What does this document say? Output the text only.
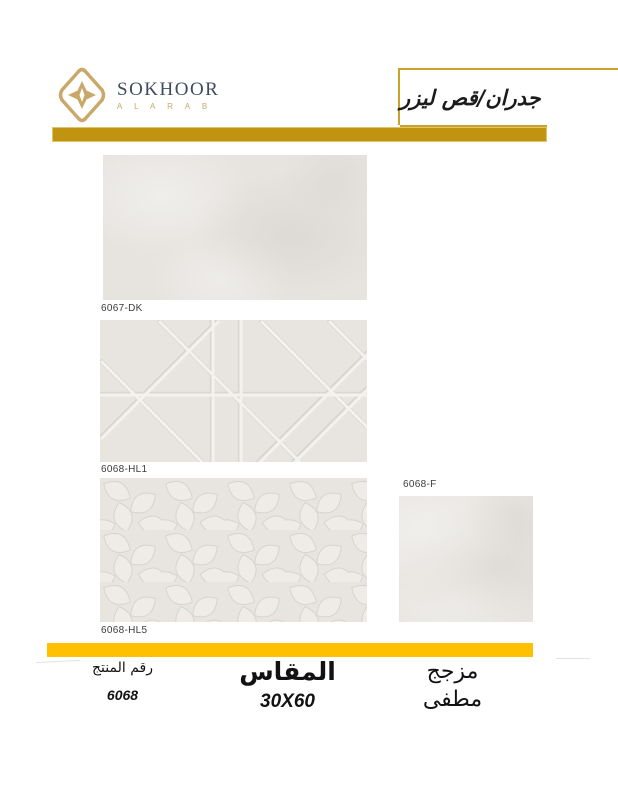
SOKHOOR
A L A R A B	جدران/قص ليزر
6067-DK
6068-HL1
6068-HL5
6068-F
رقم المنتج
6068
المقاس
30X60
مزجج
مطفى
